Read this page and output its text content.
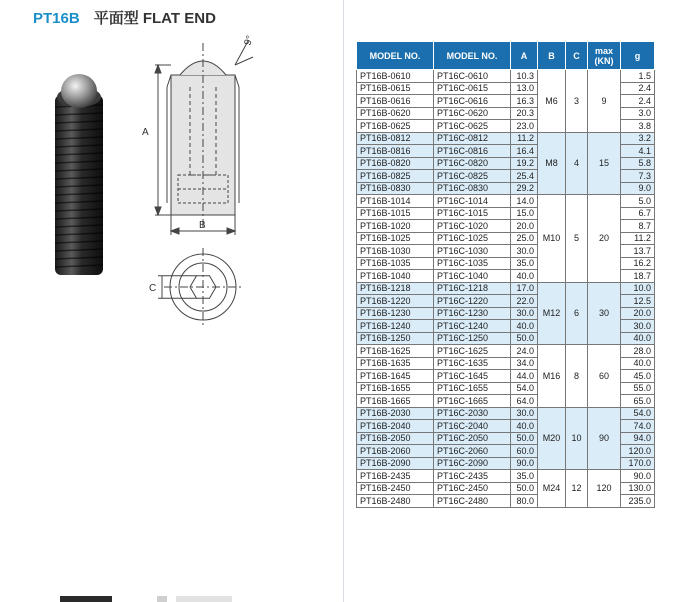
PT16B 平面型 FLAT END
9°
A
B
C
MODEL NO.	MODEL NO.	A	B	C	max
(KN)	g
PT16B-0610	PT16C-0610	10.3	M6	3	9	1.5
PT16B-0615	PT16C-0615	13.0				2.4
PT16B-0616	PT16C-0616	16.3				2.4
PT16B-0620	PT16C-0620	20.3				3.0
PT16B-0625	PT16C-0625	23.0				3.8
PT16B-0812	PT16C-0812	11.2	M8	4	15	3.2
PT16B-0816	PT16C-0816	16.4				4.1
PT16B-0820	PT16C-0820	19.2				5.8
PT16B-0825	PT16C-0825	25.4				7.3
PT16B-0830	PT16C-0830	29.2				9.0
PT16B-1014	PT16C-1014	14.0	M10	5	20	5.0
PT16B-1015	PT16C-1015	15.0				6.7
PT16B-1020	PT16C-1020	20.0				8.7
PT16B-1025	PT16C-1025	25.0				11.2
PT16B-1030	PT16C-1030	30.0				13.7
PT16B-1035	PT16C-1035	35.0				16.2
PT16B-1040	PT16C-1040	40.0				18.7
PT16B-1218	PT16C-1218	17.0	M12	6	30	10.0
PT16B-1220	PT16C-1220	22.0				12.5
PT16B-1230	PT16C-1230	30.0				20.0
PT16B-1240	PT16C-1240	40.0				30.0
PT16B-1250	PT16C-1250	50.0				40.0
PT16B-1625	PT16C-1625	24.0	M16	8	60	28.0
PT16B-1635	PT16C-1635	34.0				40.0
PT16B-1645	PT16C-1645	44.0				45.0
PT16B-1655	PT16C-1655	54.0				55.0
PT16B-1665	PT16C-1665	64.0				65.0
PT16B-2030	PT16C-2030	30.0	M20	10	90	54.0
PT16B-2040	PT16C-2040	40.0				74.0
PT16B-2050	PT16C-2050	50.0				94.0
PT16B-2060	PT16C-2060	60.0				120.0
PT16B-2090	PT16C-2090	90.0				170.0
PT16B-2435	PT16C-2435	35.0	M24	12	120	90.0
PT16B-2450	PT16C-2450	50.0				130.0
PT16B-2480	PT16C-2480	80.0				235.0
